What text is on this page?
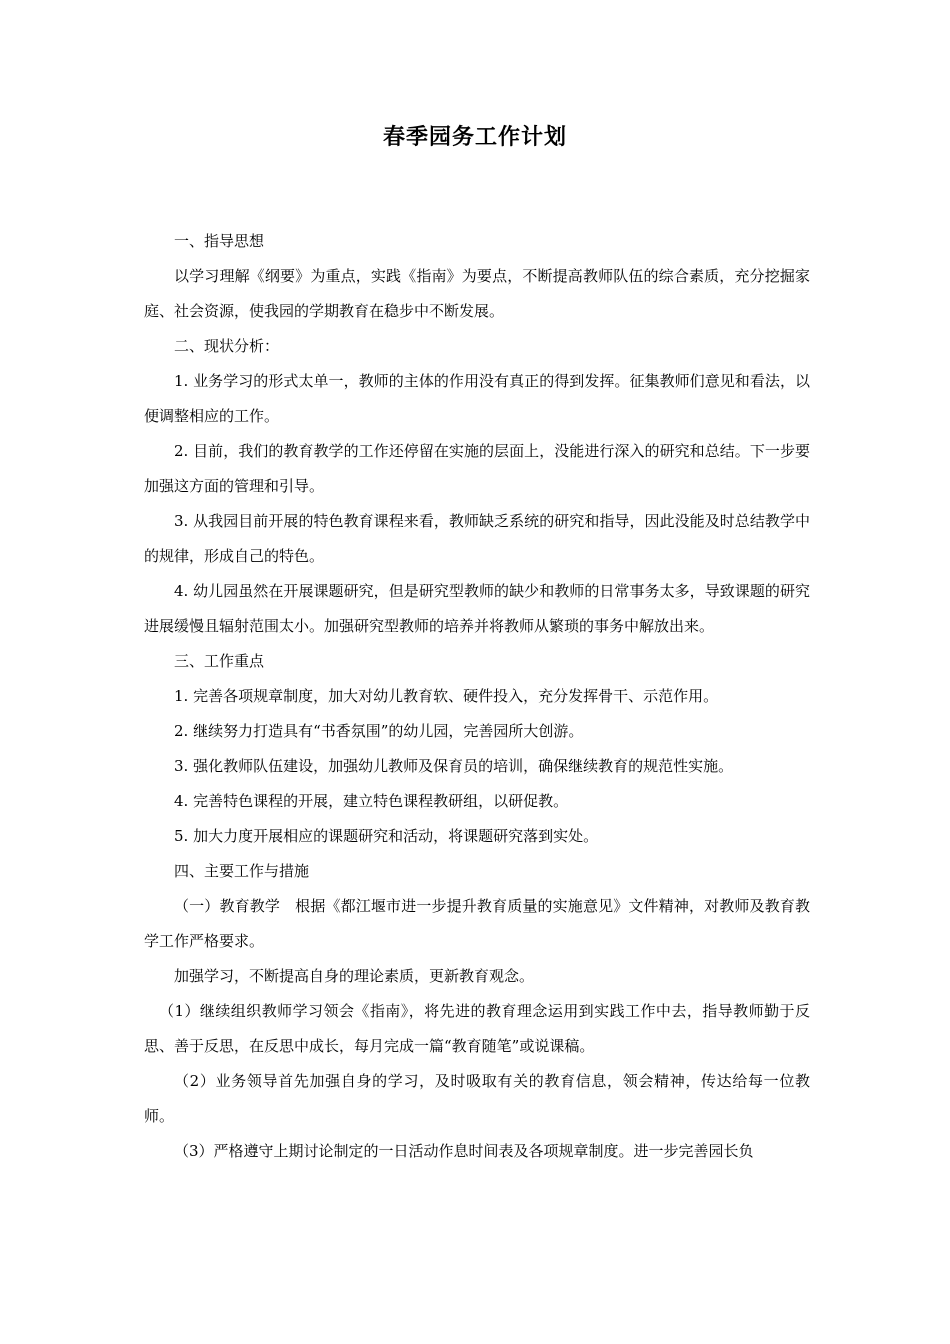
春季园务工作计划

一、指导思想

以学习理解《纲要》为重点，实践《指南》为要点，不断提高教师队伍的综合素质，充分挖掘家庭、社会资源，使我园的学期教育在稳步中不断发展。

二、现状分析：

1. 业务学习的形式太单一，教师的主体的作用没有真正的得到发挥。征集教师们意见和看法，以便调整相应的工作。

2. 目前，我们的教育教学的工作还停留在实施的层面上，没能进行深入的研究和总结。下一步要加强这方面的管理和引导。

3. 从我园目前开展的特色教育课程来看，教师缺乏系统的研究和指导，因此没能及时总结教学中的规律，形成自己的特色。

4. 幼儿园虽然在开展课题研究，但是研究型教师的缺少和教师的日常事务太多，导致课题的研究进展缓慢且辐射范围太小。加强研究型教师的培养并将教师从繁琐的事务中解放出来。

三、工作重点

1. 完善各项规章制度，加大对幼儿教育软、硬件投入，充分发挥骨干、示范作用。

2. 继续努力打造具有“书香氛围”的幼儿园，完善园所大创游。

3. 强化教师队伍建设，加强幼儿教师及保育员的培训，确保继续教育的规范性实施。

4. 完善特色课程的开展，建立特色课程教研组，以研促教。

5. 加大力度开展相应的课题研究和活动，将课题研究落到实处。

四、主要工作与措施

（一）教育教学　根据《都江堰市进一步提升教育质量的实施意见》文件精神，对教师及教育教学工作严格要求。

加强学习，不断提高自身的理论素质，更新教育观念。

（1）继续组织教师学习领会《指南》，将先进的教育理念运用到实践工作中去，指导教师勤于反思、善于反思，在反思中成长，每月完成一篇“教育随笔”或说课稿。

（2）业务领导首先加强自身的学习，及时吸取有关的教育信息，领会精神，传达给每一位教师。

（3）严格遵守上期讨论制定的一日活动作息时间表及各项规章制度。进一步完善园长负
